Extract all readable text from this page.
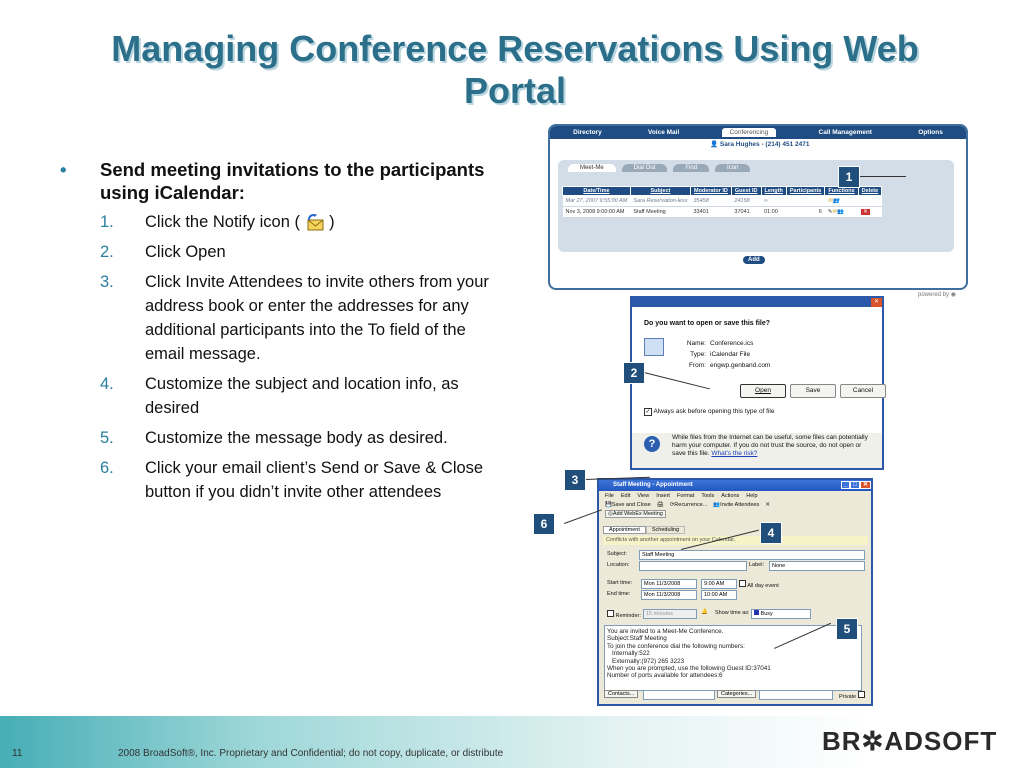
Managing Conference Reservations Using Web Portal
• Send meeting invitations to the participants using iCalendar:
1. Click the Notify icon ( )
2. Click Open
3. Click Invite Attendees to invite others from your address book or enter the addresses for any additional participants into the To field of the email message.
4. Customize the subject and location info, as desired
5. Customize the message body as desired.
6. Click your email client’s Send or Save & Close button if you didn’t invite other attendees
Directory	Voice Mail	Conferencing	Call Management	Options
👤 Sara Hughes - (214) 451 2471
Meet-Me	Dial Out	Find	Icon
Date/Time	Subject	Moderator ID	Guest ID	Length	Participants	Functions	Delete
Mar 27, 2007 9:55:00 AM	Sara Reservation-less	35458	24158	∞		✉👥	
Nov 3, 2008 9:00:00 AM	Staff Meeting	33401	37041	01:00	6	✎✉👥	✕
Add
powered by ◉
✕
Do you want to open or save this file?
Name: Conference.ics
Type: iCalendar File
From: engwp.genband.com
Open	Save	Cancel
✓ Always ask before opening this type of file
?
While files from the Internet can be useful, some files can potentially harm your computer. If you do not trust the source, do not open or save this file. What's the risk?
Staff Meeting - Appointment	_ □ ✕
File Edit View Insert Format Tools Actions Help
💾Save and Close 🖨 ⟳Recurrence... 👥Invite Attendees ✕
◎Add WebEx Meeting
Appointment	Scheduling
Conflicts with another appointment on your Calendar.
Subject:	Staff Meeting
Location:	Label:	None
Start time:	Mon 11/3/2008	9:00 AM	All day event
End time:	Mon 11/3/2008	10:00 AM
Reminder: 15 minutes	🔔 Show time as:	Busy
You are invited to a Meet-Me Conference.
Subject:Staff Meeting
To join the conference dial the following numbers:
Internally:522
Externally:(972) 265 3223
When you are prompted, use the following Guest ID:37041
Number of ports available for attendees:6
Contacts...	Categories...	Private
1
2
3
4
5
6
11	2008 BroadSoft®, Inc. Proprietary and Confidential; do not copy, duplicate, or distribute	BR✲ADSOFT
